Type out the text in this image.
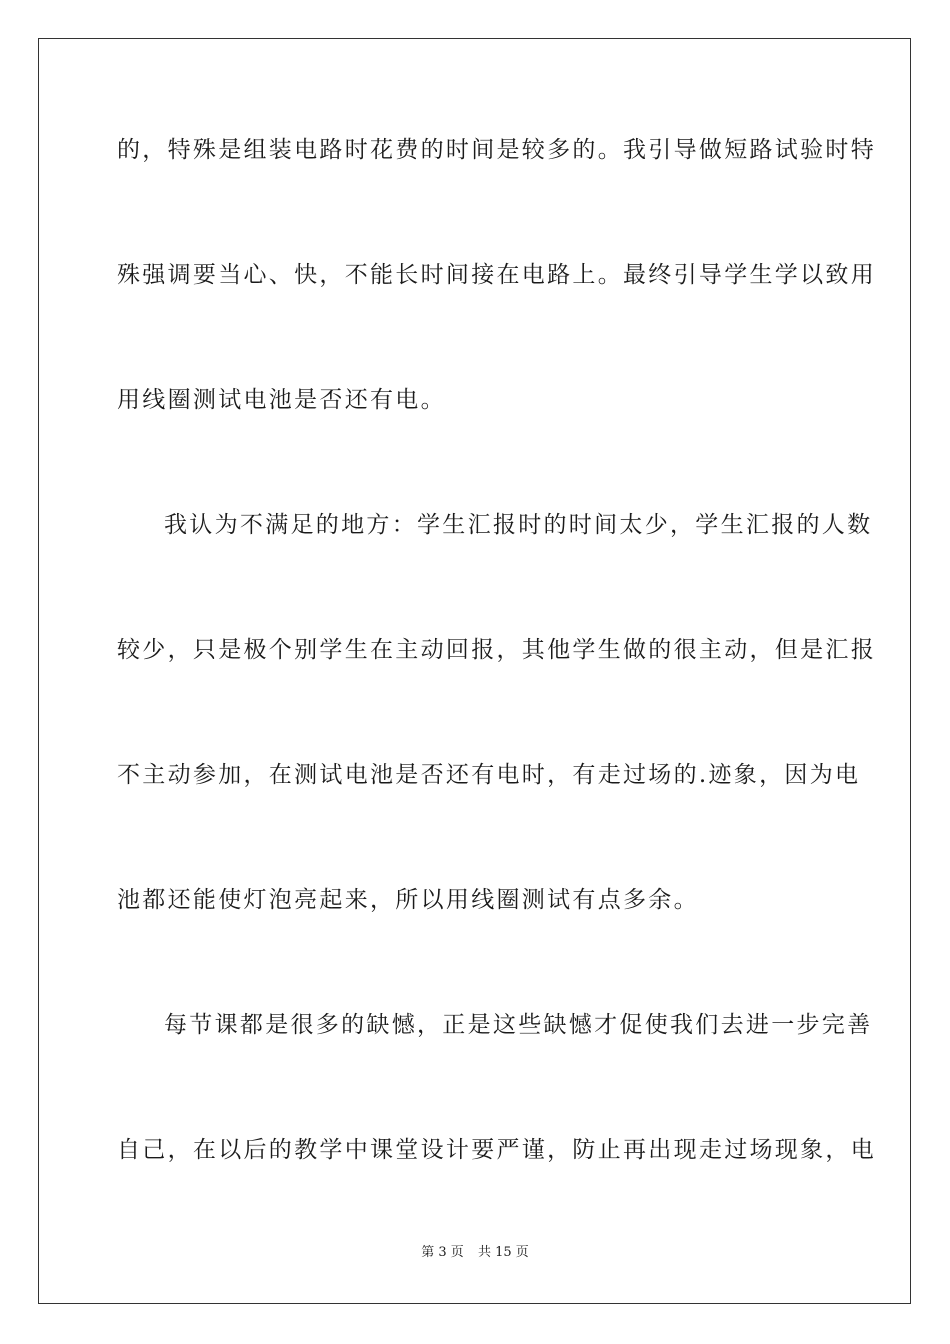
的，特殊是组装电路时花费的时间是较多的。我引导做短路试验时特
殊强调要当心、快，不能长时间接在电路上。最终引导学生学以致用
用线圈测试电池是否还有电。
我认为不满足的地方：学生汇报时的时间太少，学生汇报的人数
较少，只是极个别学生在主动回报，其他学生做的很主动，但是汇报
不主动参加，在测试电池是否还有电时，有走过场的.迹象，因为电
池都还能使灯泡亮起来，所以用线圈测试有点多余。
每节课都是很多的缺憾，正是这些缺憾才促使我们去进一步完善
自己，在以后的教学中课堂设计要严谨，防止再出现走过场现象，电
第 3 页 共 15 页
